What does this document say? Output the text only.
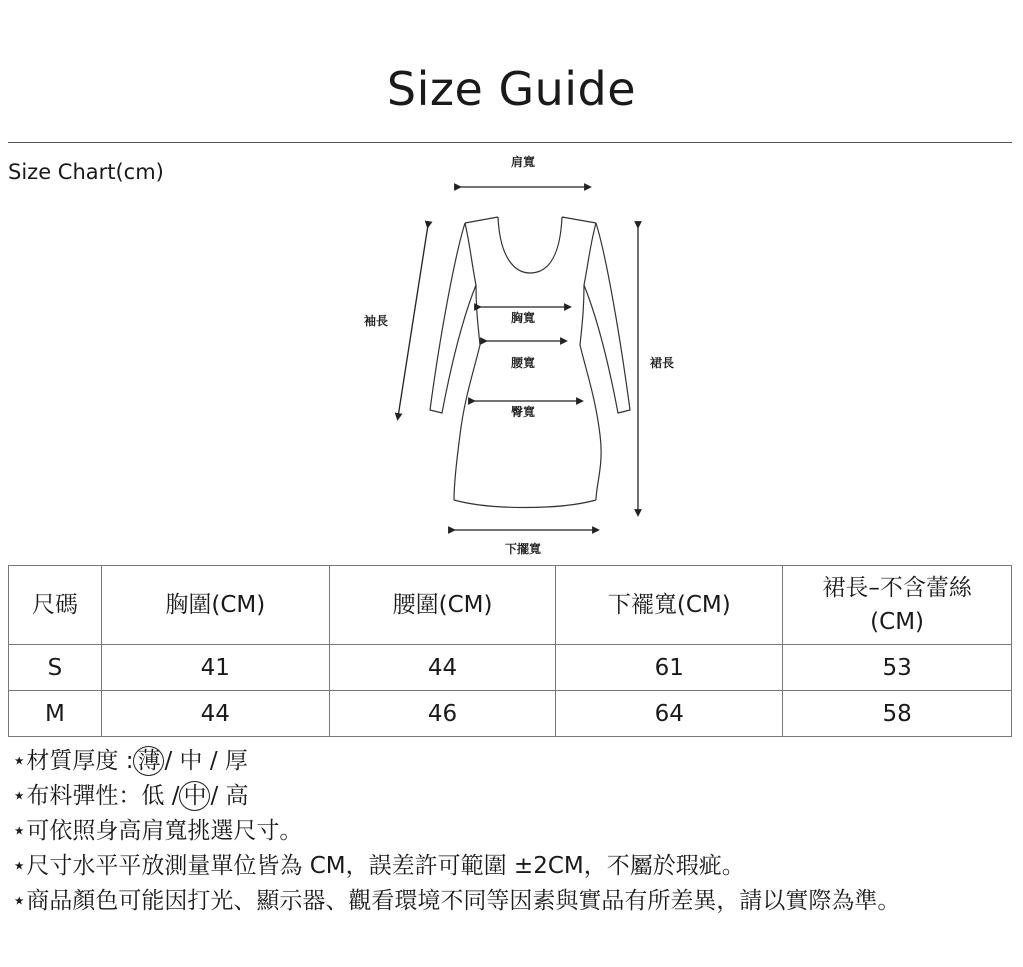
Size Guide
Size Chart(cm)	肩寬
袖長	胸寬
腰寬
臀寬
裙長
下擺寬
尺碼	胸圍(CM)	腰圍(CM)	下襬寬(CM)	裙長–不含蕾絲
(CM)
S	41	44	61	53
M	44	46	64	58
⋆材質厚度 : 薄 / 中 / 厚
⋆布料彈性：低 / 中 / 高
⋆可依照身高肩寬挑選尺寸。
⋆尺寸水平平放測量單位皆為 CM，誤差許可範圍 ±2CM，不屬於瑕疵。
⋆商品顏色可能因打光、顯示器、觀看環境不同等因素與實品有所差異，請以實際為準。
